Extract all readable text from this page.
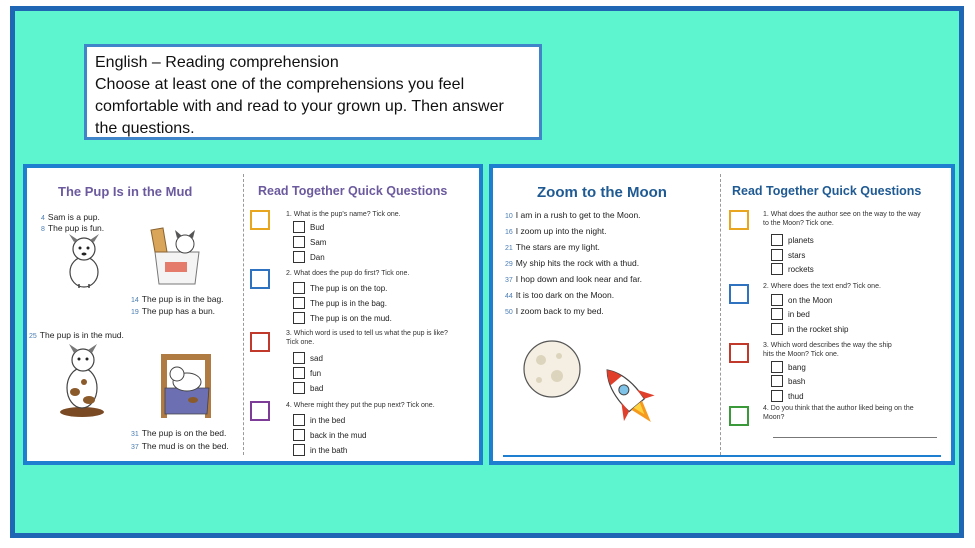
English – Reading comprehension
Choose at least one of the comprehensions you feel
comfortable with and read to your grown up. Then answer
the questions.
The Pup Is in the Mud
4 Sam is a pup.
8 The pup is fun.
14 The pup is in the bag.
19 The pup has a bun.
25 The pup is in the mud.
31 The pup is on the bed.
37 The mud is on the bed.
Read Together Quick Questions
1. What is the pup's name? Tick one.
Bud
Sam
Dan
2. What does the pup do first? Tick one.
The pup is on the top.
The pup is in the bag.
The pup is on the mud.
3. Which word is used to tell us what the pup is like? Tick one.
sad
fun
bad
4. Where might they put the pup next? Tick one.
in the bed
back in the mud
in the bath
Zoom to the Moon
10 I am in a rush to get to the Moon.
16 I zoom up into the night.
21 The stars are my light.
29 My ship hits the rock with a thud.
37 I hop down and look near and far.
44 It is too dark on the Moon.
50 I zoom back to my bed.
Read Together Quick Questions
1. What does the author see on the way to the way to the Moon? Tick one.
planets
stars
rockets
2. Where does the text end? Tick one.
on the Moon
in bed
in the rocket ship
3. Which word describes the way the ship hits the Moon? Tick one.
bang
bash
thud
4. Do you think that the author liked being on the Moon?
